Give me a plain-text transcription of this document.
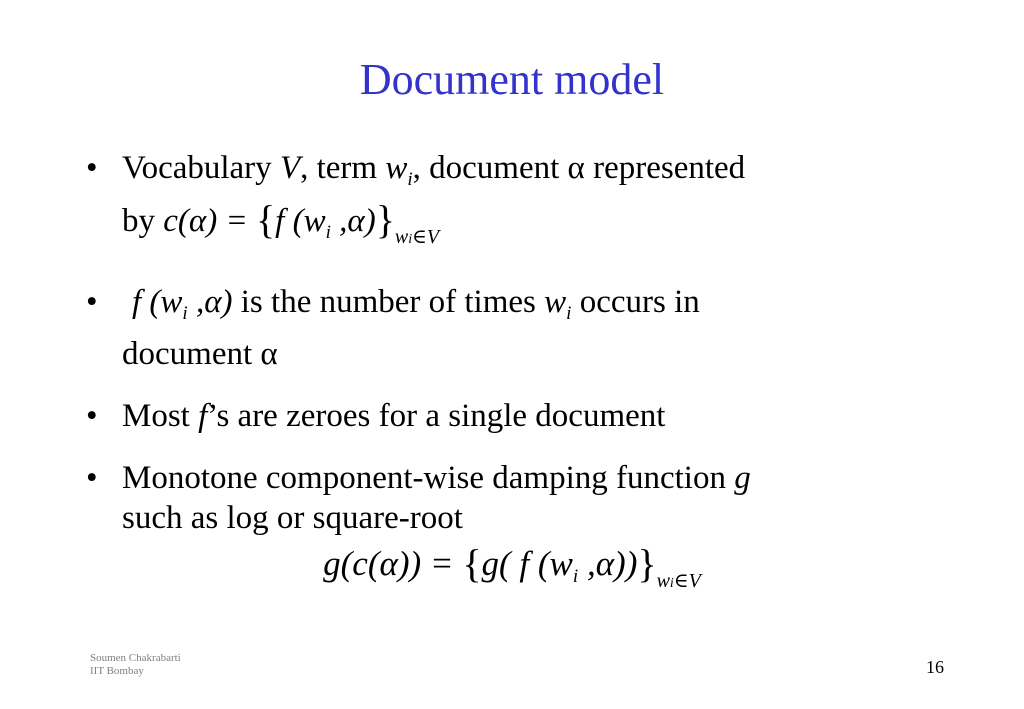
Document model
• Vocabulary V, term $w_i$, document α represented
by c(α) = {f ($w_i$ $,\alpha)\}_{wi\in V}$
•	f ($w_i$ ,α) is the number of times $w_i$ occurs in
document α
• Most f’s are zeroes for a single document
• Monotone component-wise damping function g
such as log or square-root
g(c(α)) = {g( f ($w_i$ $,\alpha))\}_{wi\in V}$
Soumen Chakrabarti
IIT Bombay	16
